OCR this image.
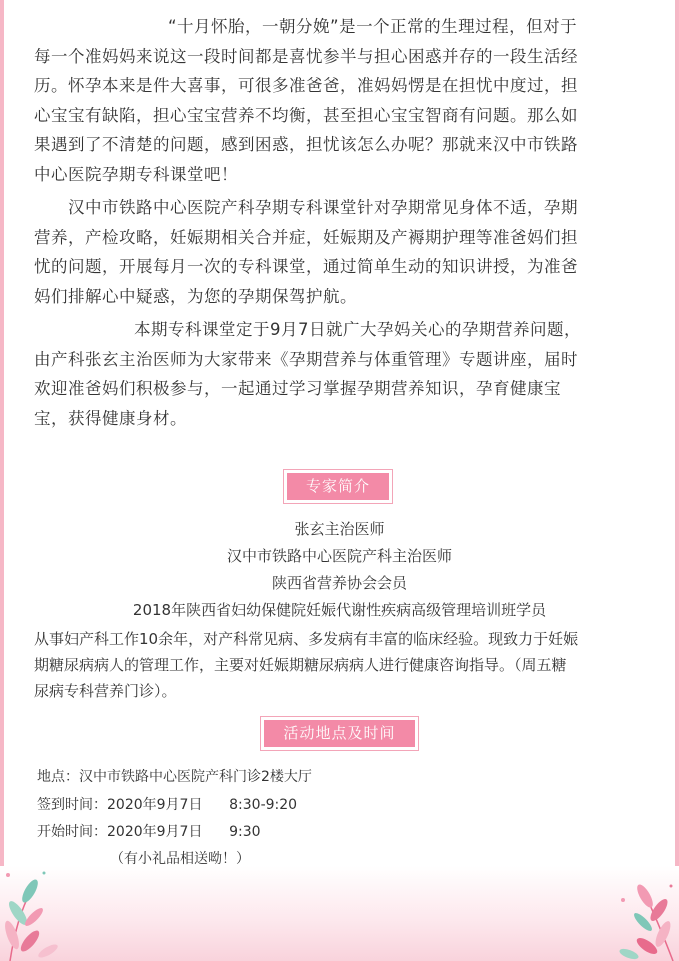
“十月怀胎，一朝分娩”是一个正常的生理过程，但对于
每一个准妈妈来说这一段时间都是喜忧参半与担心困惑并存的一段生活经
历。怀孕本来是件大喜事，可很多准爸爸，准妈妈愣是在担忧中度过，担
心宝宝有缺陷，担心宝宝营养不均衡，甚至担心宝宝智商有问题。那么如
果遇到了不清楚的问题，感到困惑，担忧该怎么办呢？那就来汉中市铁路
中心医院孕期专科课堂吧！
汉中市铁路中心医院产科孕期专科课堂针对孕期常见身体不适，孕期
营养，产检攻略，妊娠期相关合并症，妊娠期及产褥期护理等准爸妈们担
忧的问题，开展每月一次的专科课堂，通过简单生动的知识讲授，为准爸
妈们排解心中疑惑，为您的孕期保驾护航。
本期专科课堂定于9月7日就广大孕妈关心的孕期营养问题，
由产科张玄主治医师为大家带来《孕期营养与体重管理》专题讲座，届时
欢迎准爸妈们积极参与，一起通过学习掌握孕期营养知识，孕育健康宝
宝，获得健康身材。
专家简介

张玄主治医师

汉中市铁路中心医院产科主治医师

陕西省营养协会会员

2018年陕西省妇幼保健院妊娠代谢性疾病高级管理培训班学员

从事妇产科工作10余年，对产科常见病、多发病有丰富的临床经验。现致力于妊娠
期糖尿病病人的管理工作，主要对妊娠期糖尿病病人进行健康咨询指导。（周五糖
尿病专科营养门诊）。
活动地点及时间

地点：汉中市铁路中心医院产科门诊2楼大厅

签到时间：2020年9月7日      8:30-9:20

开始时间：2020年9月7日      9:30

（有小礼品相送呦！）
